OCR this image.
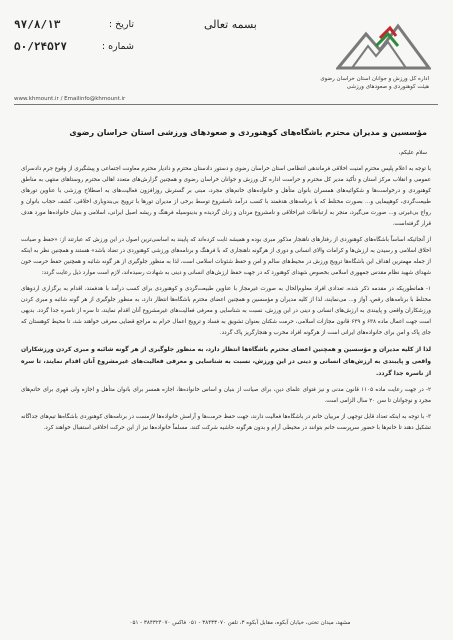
اداره کل ورزش و جوانان استان خراسان رضوی
هیئت کوهنوردی و صعودهای ورزشی
بسمه تعالی
تاریخ :
۹۷/۸/۱۳
شماره :
۵۰/۲۴۵۲۷
www.khmount.ir / Emailinfo@khmount.ir
مؤسسین و مدیران محترم باشگاه‌های کوهنوردی و صعودهای ورزشی استان خراسان رضوی
سلام علیکم،

با توجه به اعلام پلیس محترم امنیت اخلاقی فرماندهی انتظامی استان خراسان رضوی و دستور دادستان محترم و دادیار محترم معاونت اجتماعی و پیشگیری از وقوع جرم دادسرای عمومی و انقلاب مرکز استان و تأکید مدیر کل محترم و حراست اداره کل ورزش و جوانان خراسان رضوی و همچنین گزارش‌های متعدد اهالی محترم روستاهای منتهی به مناطق کوهنوردی و درخواست‌ها و شکوائیه‌های همسران بانوان متأهل و خانواده‌های خانم‌های مجرد، مبنی بر گسترش روزافزون فعالیت‌های به اصطلاح ورزشی با عناوین تورهای طبیعت‌گردی، کوهپیمایی و... بصورت مختلط که با برنامه‌های هدفمند با کسب درآمد نامشروع توسط برخی از مدیران تورها با ترویج بی‌بندوباری اخلاقی، کشف حجاب بانوان و رواج بی‌غیرتی و... صورت می‌گیرد، منجر به ارتباطات غیراخلاقی و نامشروع مردان و زنان گردیده و بدینوسیله فرهنگ و ریشه اصیل ایرانی، اسلامی و بنیان خانواده‌ها مورد هدف قرار گرفته‌است.

از آنجائیکه اساساً باشگاه‌های کوهنوردی از رفتارهای ناهنجار مذکور مبری بوده و همیشه ثابت کرده‌اند که پایبند به اساسی‌ترین اصول در این ورزش که عبارتند از: «حفظ و صیانت اخلاق اسلامی و رسیدن به ارزش‌ها و کرامات والای انسانی و دوری از هرگونه ناهنجاری که با فرهنگ و برنامه‌های ورزشی کوهنوردی در تضاد باشد» هستند و همچنین نظر به اینکه از جمله مهمترین اهداف این باشگاه‌ها ترویج ورزش در محیط‌های سالم و امن و حفظ شئونات اسلامی است، لذا به منظور جلوگیری از هر گونه شائبه و همچنین حفظ حرمت خون شهدای شهید نظام مقدس جمهوری اسلامی بخصوص شهدای کوهنورد که در جهت حفظ ارزش‌های انسانی و دینی به شهادت رسیده‌اند، لازم است موارد ذیل رعایت گردد:

۱- همانطوریکه در مقدمه ذکر شده، تعدادی افراد معلوم‌الحال به صورت غیرمجاز با عناوین طبیعت‌گردی و کوهنوردی برای کسب درآمد با هدفمند، اقدام به برگزاری اردوهای مختلط با برنامه‌های رقص، آواز و... می‌نمایند، لذا از کلیه مدیران و مؤسسین و همچنین اعضای محترم باشگاه‌ها انتظار دارد، به منظور جلوگیری از هر گونه شائبه و مبری کردن ورزشکاران واقعی و پایبندی به ارزش‌های انسانی و دینی در این ورزش، نسبت به شناسایی و معرفی فعالیت‌های غیرمشروع آنان اقدام نمایند، تا سره از ناسره جدا گردد. بدیهی است جهت اعمال ماده ۶۳۸ و ۶۳۹ قانون مجازات اسلامی، حرمت شکنان بعنوان تشویق به فساد و ترویج اعمال حرام به مراجع قضایی معرفی خواهند شد، تا محیط کوهستان که جای پاک و امن برای خانواده‌های ایرانی است از هرگونه افراد مخرب و هنجارگریز پاک گردد.

لذا از کلیه مدیران و مؤسسین و همچنین اعضای محترم باشگاه‌ها انتظار دارد، به منظور جلوگیری از هر گونه شائبه و مبری کردن ورزشکاران واقعی و پایبندی به ارزش‌های انسانی و دینی در این ورزش، نسبت به شناسایی و معرفی فعالیت‌های غیرمشروع آنان اقدام نمایند، تا سره از ناسره جدا گردد.

۲- در جهت رعایت ماده ۱۱۰۵ قانون مدنی و نیز فتوای علمای دین، برای صیانت از بنیان و اساس خانواده‌ها، اجازه همسر برای بانوان متأهل و اجازه ولی قهری برای خانم‌های مجرد و نوجوانان تا سن ۲۰ سال الزامی است.

۳- با توجه به اینکه تعداد قابل توجهی از مربیان خانم در باشگاه‌ها فعالیت دارند، جهت حفظ حرمت‌ها و آرامش خانواده‌ها لازمست در برنامه‌های کوهنوردی باشگاه‌ها تیم‌های جداگانه تشکیل دهند تا خانم‌ها با حضور سرپرست خانم بتوانند در محیطی آرام و بدون هرگونه حاشیه شرکت کنند. مسلماً خانواده‌ها نیز از این حرکت اخلاقی استقبال خواهند کرد.

مشهد، میدان تختی، خیابان آبکوه، مقابل آبکوه ۳، تلفن ۳۸۴۳۳۰۷۰ - ۰۵۱ فاکس ۳۸۴۳۲۴۰۷۰ - ۰۵۱
